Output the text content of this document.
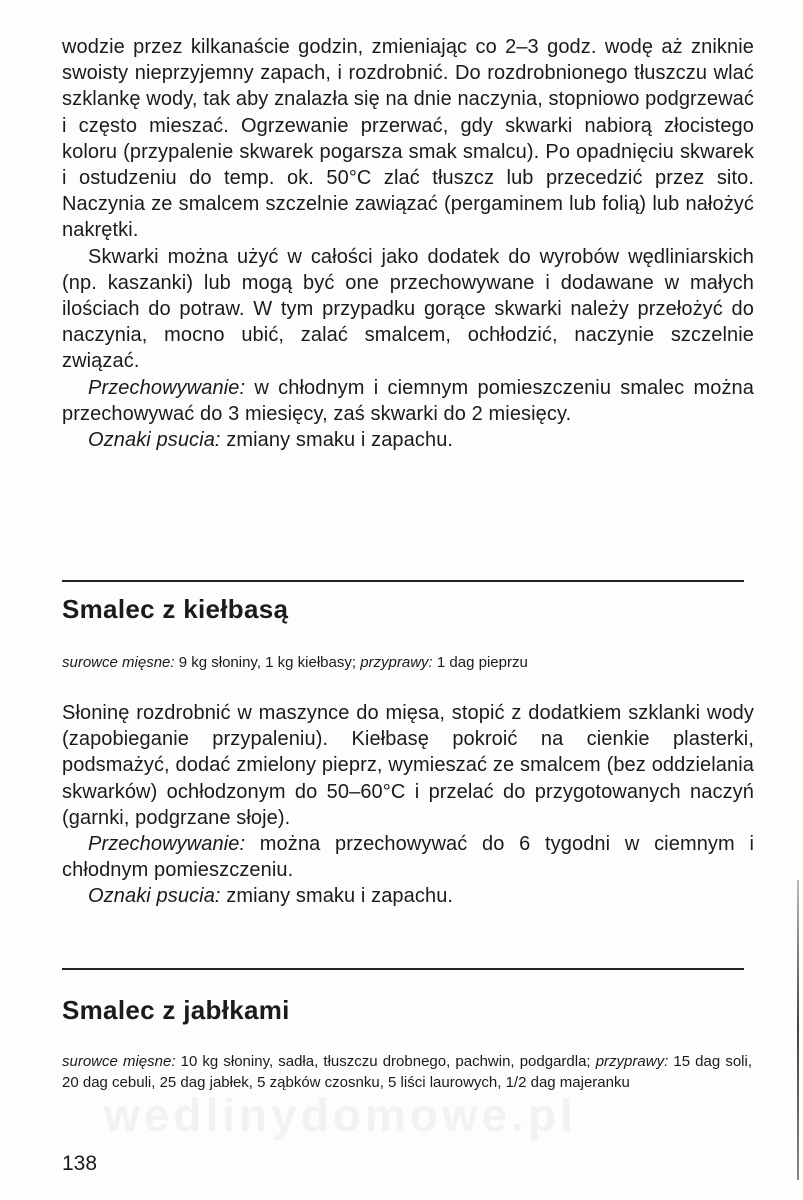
wodzie przez kilkanaście godzin, zmieniając co 2–3 godz. wodę aż zniknie swoisty nieprzyjemny zapach, i rozdrobnić. Do rozdrobnionego tłuszczu wlać szklankę wody, tak aby znalazła się na dnie naczynia, stopniowo podgrzewać i często mieszać. Ogrzewanie przerwać, gdy skwarki nabiorą złocistego koloru (przypalenie skwarek pogarsza smak smalcu). Po opadnięciu skwarek i ostudzeniu do temp. ok. 50°C zlać tłuszcz lub przecedzić przez sito. Naczynia ze smalcem szczelnie zawiązać (pergaminem lub folią) lub nałożyć nakrętki.

Skwarki można użyć w całości jako dodatek do wyrobów wędliniarskich (np. kaszanki) lub mogą być one przechowywane i dodawane w małych ilościach do potraw. W tym przypadku gorące skwarki należy przełożyć do naczynia, mocno ubić, zalać smalcem, ochłodzić, naczynie szczelnie związać.

Przechowywanie: w chłodnym i ciemnym pomieszczeniu smalec można przechowywać do 3 miesięcy, zaś skwarki do 2 miesięcy.

Oznaki psucia: zmiany smaku i zapachu.

Smalec z kiełbasą

surowce mięsne: 9 kg słoniny, 1 kg kiełbasy; przyprawy: 1 dag pieprzu

Słoninę rozdrobnić w maszynce do mięsa, stopić z dodatkiem szklanki wody (zapobieganie przypaleniu). Kiełbasę pokroić na cienkie plasterki, podsmażyć, dodać zmielony pieprz, wymieszać ze smalcem (bez oddzielania skwarków) ochłodzonym do 50–60°C i przelać do przygotowanych naczyń (garnki, podgrzane słoje).

Przechowywanie: można przechowywać do 6 tygodni w ciemnym i chłodnym pomieszczeniu.

Oznaki psucia: zmiany smaku i zapachu.

Smalec z jabłkami

surowce mięsne: 10 kg słoniny, sadła, tłuszczu drobnego, pachwin, podgardla; przyprawy: 15 dag soli, 20 dag cebuli, 25 dag jabłek, 5 ząbków czosnku, 5 liści laurowych, 1/2 dag majeranku

wedlinydomowe.pl

138
